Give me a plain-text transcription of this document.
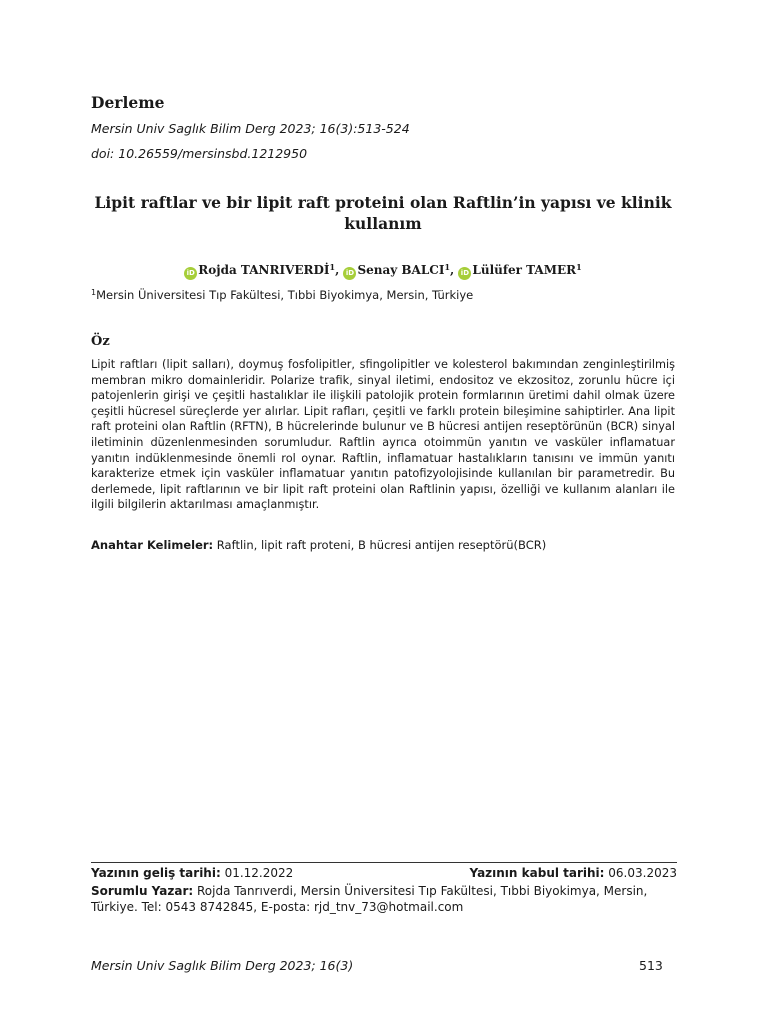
Derleme
Mersin Univ Saglık Bilim Derg 2023; 16(3):513-524
doi: 10.26559/mersinsbd.1212950
Lipit raftlar ve bir lipit raft proteini olan Raftlin’in yapısı ve klinik kullanım
iD Rojda TANRIVERDİ$^1$, iD Senay BALCI$^1$, iD Lülüfer TAMER$^1$
$^1$Mersin Üniversitesi Tıp Fakültesi, Tıbbi Biyokimya, Mersin, Türkiye
Öz
Lipit raftları (lipit salları), doymuş fosfolipitler, sfingolipitler ve kolesterol bakımından zenginleştirilmiş membran mikro domainleridir. Polarize trafik, sinyal iletimi, endositoz ve ekzositoz, zorunlu hücre içi patojenlerin girişi ve çeşitli hastalıklar ile ilişkili patolojik protein formlarının üretimi dahil olmak üzere çeşitli hücresel süreçlerde yer alırlar. Lipit rafları, çeşitli ve farklı protein bileşimine sahiptirler. Ana lipit raft proteini olan Raftlin (RFTN), B hücrelerinde bulunur ve B hücresi antijen reseptörünün (BCR) sinyal iletiminin düzenlenmesinden sorumludur. Raftlin ayrıca otoimmün yanıtın ve vasküler inflamatuar yanıtın indüklenmesinde önemli rol oynar. Raftlin, inflamatuar hastalıkların tanısını ve immün yanıtı karakterize etmek için vasküler inflamatuar yanıtın patofizyolojisinde kullanılan bir parametredir. Bu derlemede, lipit raftlarının ve bir lipit raft proteini olan Raftlinin yapısı, özelliği ve kullanım alanları ile ilgili bilgilerin aktarılması amaçlanmıştır.
Anahtar Kelimeler: Raftlin, lipit raft proteni, B hücresi antijen reseptörü(BCR)
Yazının geliş tarihi: 01.12.2022	Yazının kabul tarihi: 06.03.2023
Sorumlu Yazar: Rojda Tanrıverdi, Mersin Üniversitesi Tıp Fakültesi, Tıbbi Biyokimya, Mersin, Türkiye. Tel: 0543 8742845, E-posta: rjd_tnv_73@hotmail.com
Mersin Univ Saglık Bilim Derg 2023; 16(3)	513
